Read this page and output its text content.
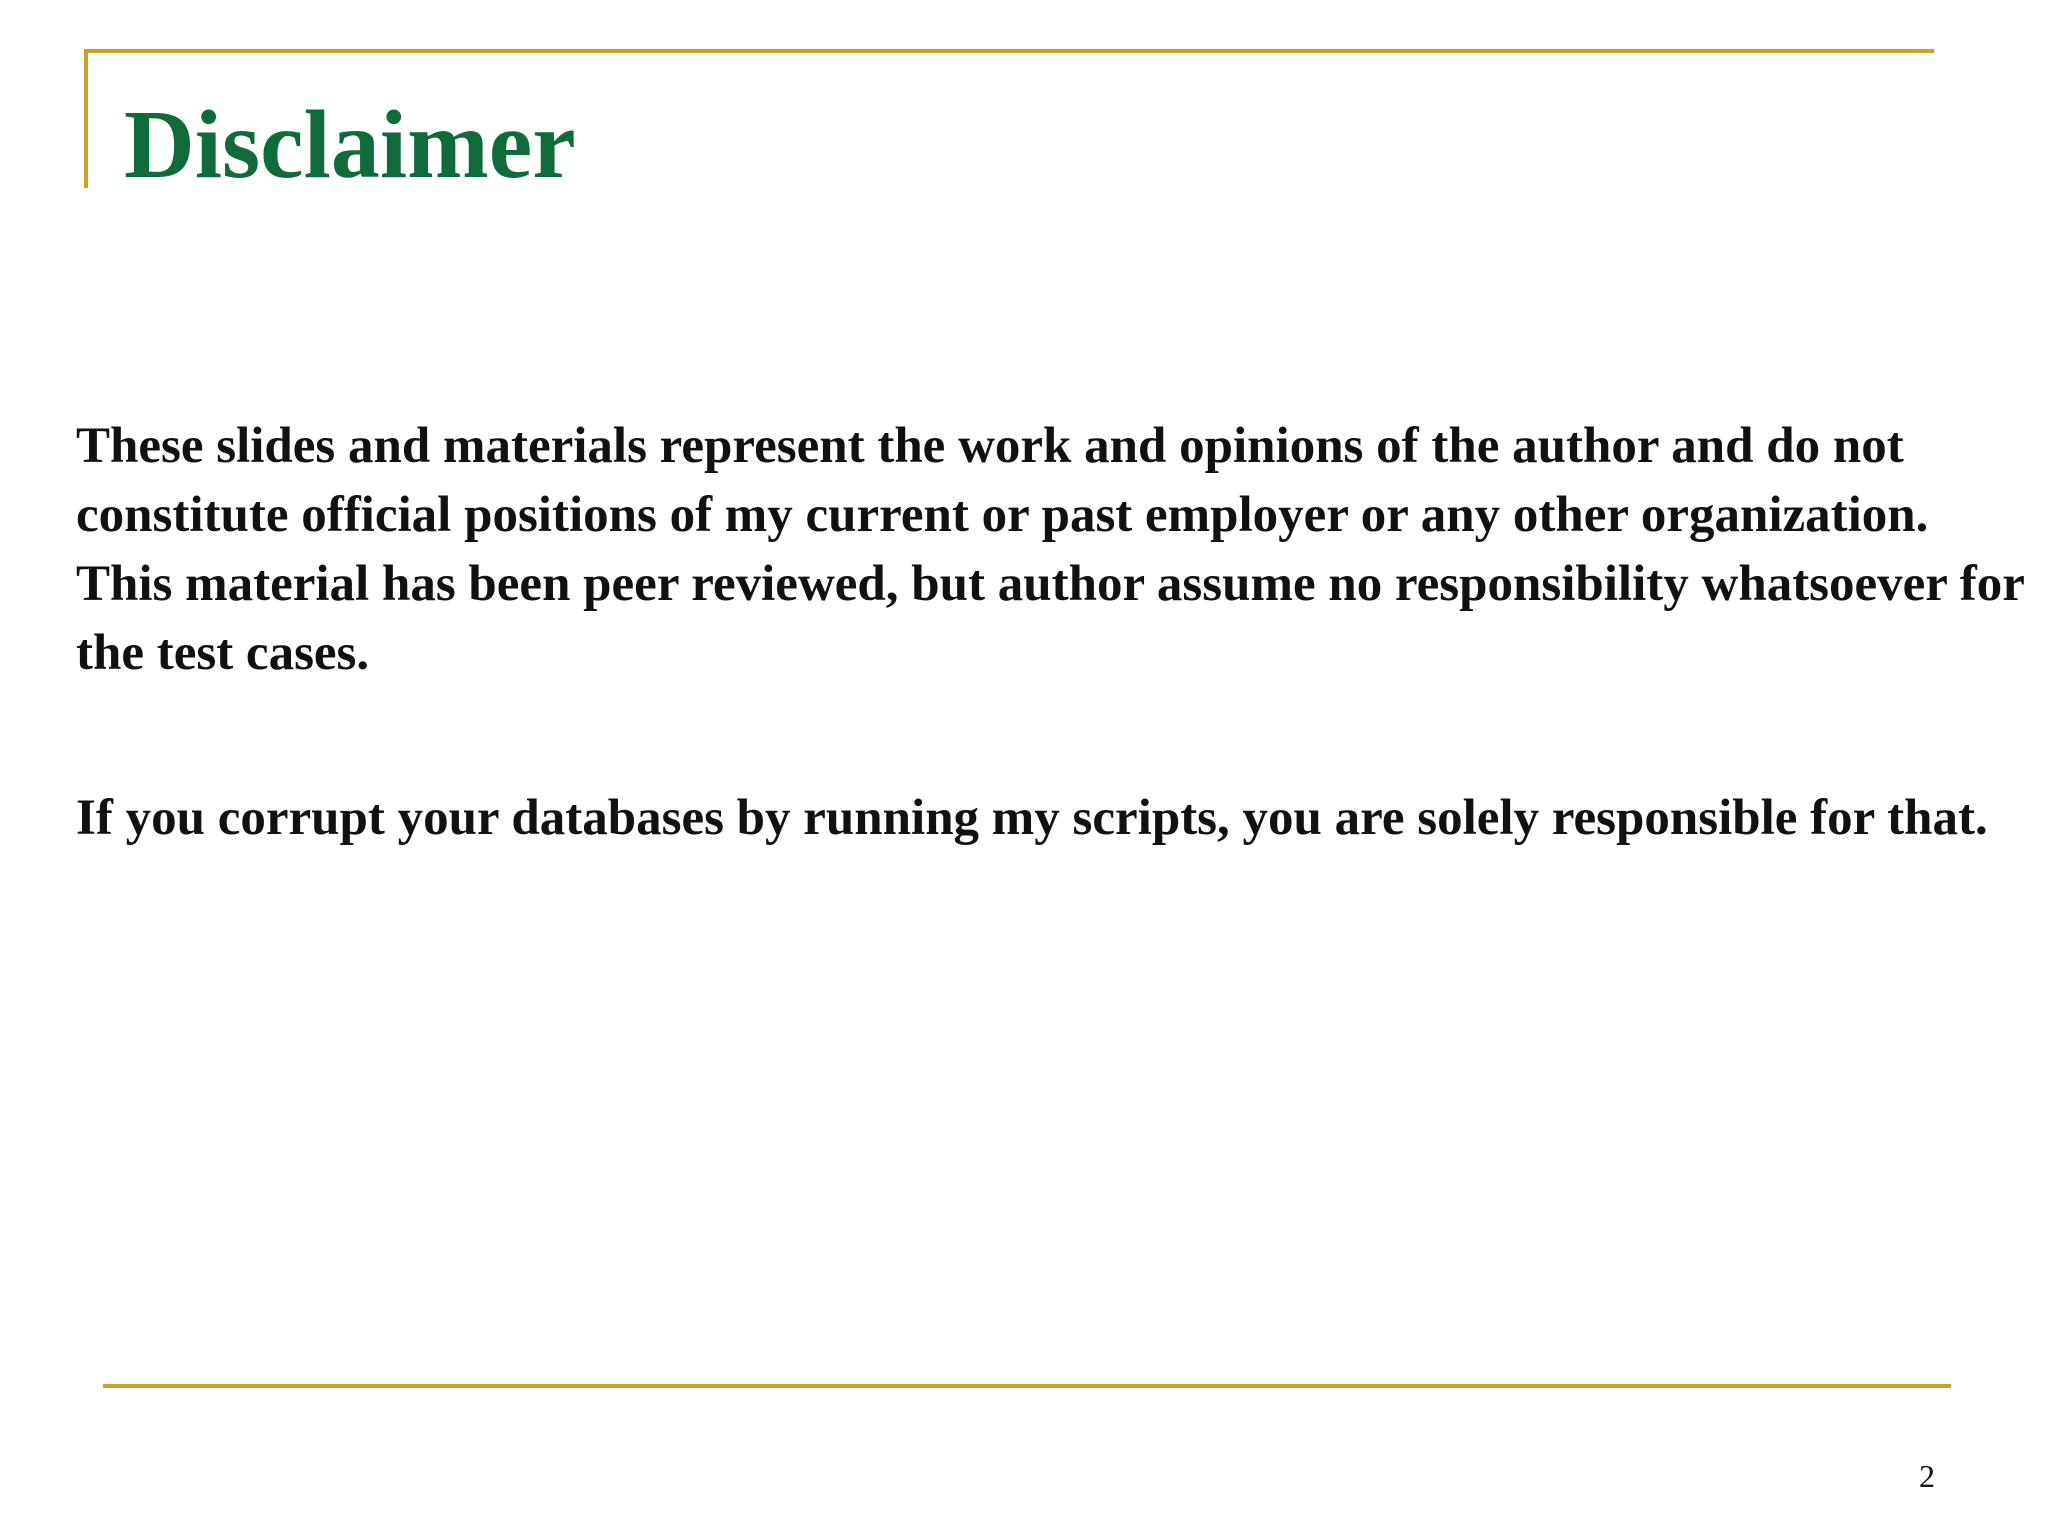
Disclaimer

These slides and materials represent the work and opinions of the author and do not constitute official positions of my current or past employer or any other organization. This material has been peer reviewed, but author assume no responsibility whatsoever for the test cases.

If you corrupt your databases by running my scripts, you are solely responsible for that.

2
